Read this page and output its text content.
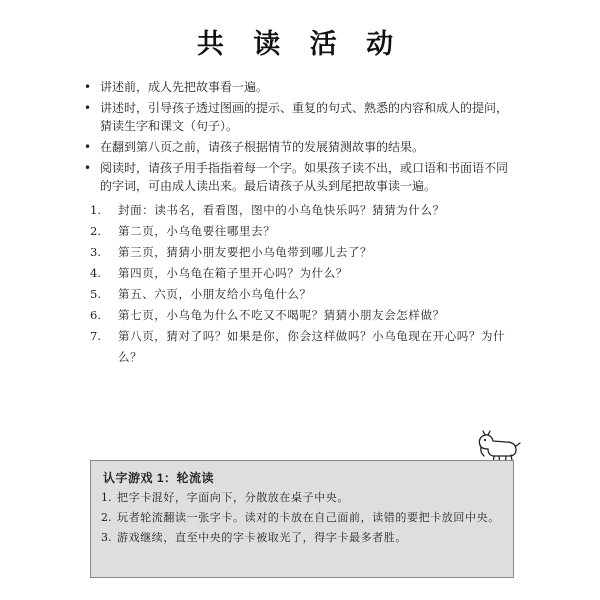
共 读 活 动
• 讲述前，成人先把故事看一遍。
• 讲述时，引导孩子透过图画的提示、重复的句式、熟悉的内容和成人的提问，猜读生字和课文（句子）。
• 在翻到第八页之前，请孩子根据情节的发展猜测故事的结果。
• 阅读时，请孩子用手指指着每一个字。如果孩子读不出，或口语和书面语不同的字词，可由成人读出来。最后请孩子从头到尾把故事读一遍。
1.	封面：读书名，看看图，图中的小乌龟快乐吗？猜猜为什么？
2.	第二页，小乌龟要往哪里去？
3.	第三页，猜猜小朋友要把小乌龟带到哪儿去了？
4.	第四页，小乌龟在箱子里开心吗？为什么？
5.	第五、六页，小朋友给小乌龟什么？
6.	第七页，小乌龟为什么不吃又不喝呢？猜猜小朋友会怎样做？
7.	第八页，猜对了吗？如果是你，你会这样做吗？小乌龟现在开心吗？为什么？
认字游戏 1：轮流读
1. 把字卡混好，字面向下，分散放在桌子中央。
2. 玩者轮流翻读一张字卡。读对的卡放在自己面前，读错的要把卡放回中央。
3. 游戏继续，直至中央的字卡被取光了，得字卡最多者胜。
